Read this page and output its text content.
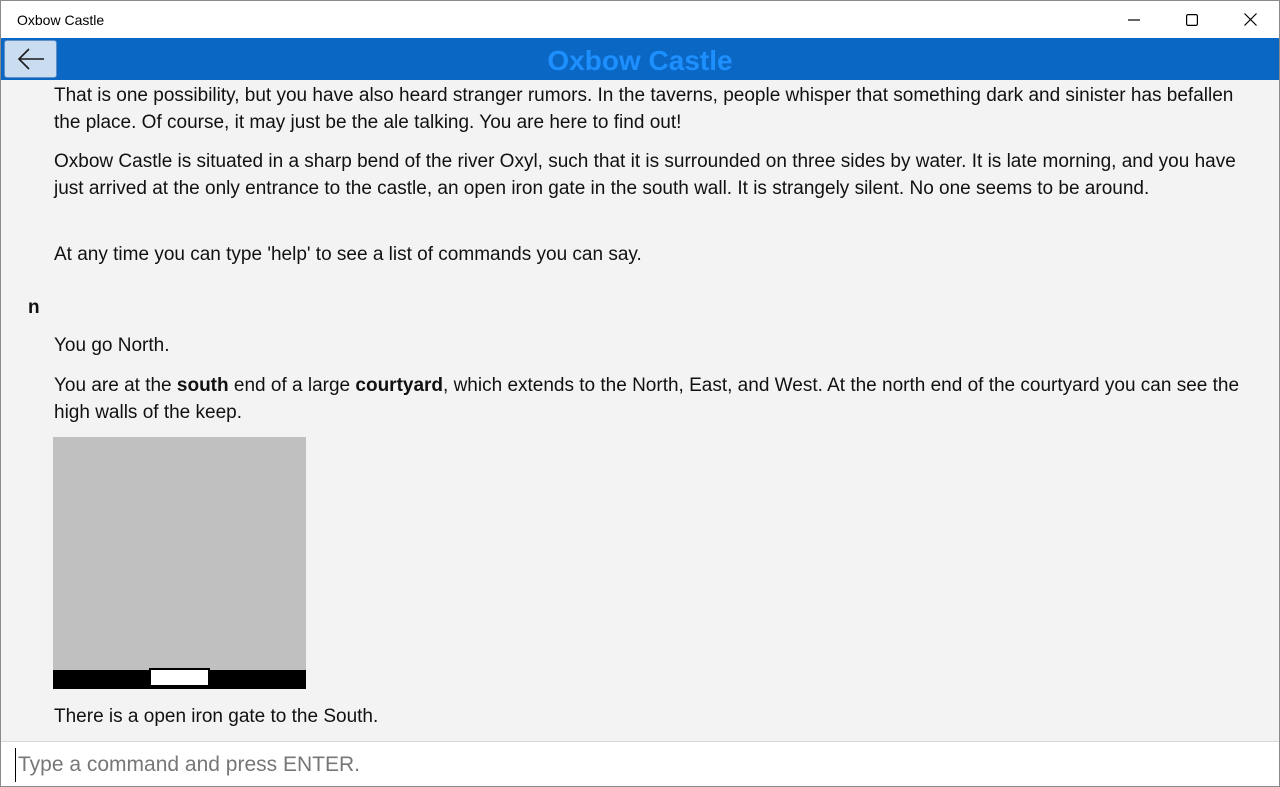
Oxbow Castle
Oxbow Castle

That is one possibility, but you have also heard stranger rumors. In the taverns, people whisper that something dark and sinister has befallen the place. Of course, it may just be the ale talking. You are here to find out!

Oxbow Castle is situated in a sharp bend of the river Oxyl, such that it is surrounded on three sides by water. It is late morning, and you have just arrived at the only entrance to the castle, an open iron gate in the south wall. It is strangely silent. No one seems to be around.

At any time you can type 'help' to see a list of commands you can say.

n

You go North.

You are at the south end of a large courtyard, which extends to the North, East, and West. At the north end of the courtyard you can see the high walls of the keep.

There is a open iron gate to the South.

Type a command and press ENTER.
